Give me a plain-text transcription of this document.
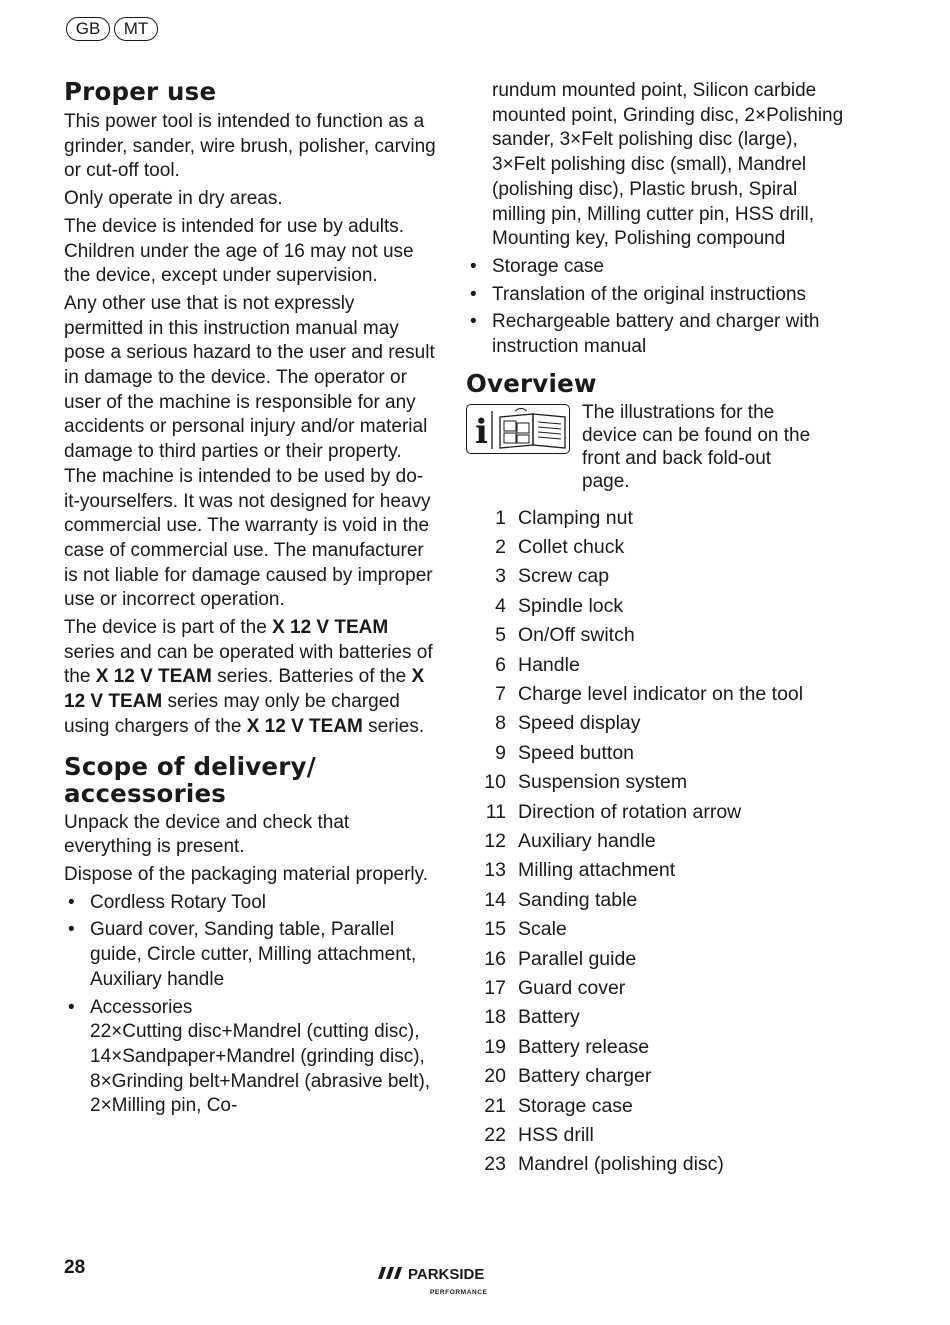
GB	MT
Proper use

This power tool is intended to function as a grinder, sander, wire brush, polisher, carving or cut-off tool.

Only operate in dry areas.

The device is intended for use by adults. Children under the age of 16 may not use the device, except under supervision.

Any other use that is not expressly permitted in this instruction manual may pose a serious hazard to the user and result in damage to the device. The operator or user of the machine is responsible for any accidents or personal injury and/or material damage to third parties or their property. The machine is intended to be used by do-it-yourselfers. It was not designed for heavy commercial use. The warranty is void in the case of commercial use. The manufacturer is not liable for damage caused by improper use or incorrect operation.

The device is part of the X 12 V TEAM series and can be operated with batteries of the X 12 V TEAM series. Batteries of the X 12 V TEAM series may only be charged using chargers of the X 12 V TEAM series.

Scope of delivery/
accessories

Unpack the device and check that everything is present.

Dispose of the packaging material properly.

• Cordless Rotary Tool
• Guard cover, Sanding table, Parallel guide, Circle cutter, Milling attachment, Auxiliary handle
• Accessories
22×Cutting disc+Mandrel (cutting disc), 14×Sandpaper+Mandrel (grinding disc), 8×Grinding belt+Mandrel (abrasive belt), 2×Milling pin, Co-

rundum mounted point, Silicon carbide mounted point, Grinding disc, 2×Polishing sander, 3×Felt polishing disc (large), 3×Felt polishing disc (small), Mandrel (polishing disc), Plastic brush, Spiral milling pin, Milling cutter pin, HSS drill, Mounting key, Polishing compound

• Storage case
• Translation of the original instructions
• Rechargeable battery and charger with instruction manual
Overview
i	The illustrations for the device can be found on the front and back fold-out page.
1 Clamping nut
2 Collet chuck
3 Screw cap
4 Spindle lock
5 On/Off switch
6 Handle
7 Charge level indicator on the tool
8 Speed display
9 Speed button
10 Suspension system
11 Direction of rotation arrow
12 Auxiliary handle
13 Milling attachment
14 Sanding table
15 Scale
16 Parallel guide
17 Guard cover
18 Battery
19 Battery release
20 Battery charger
21 Storage case
22 HSS drill
23 Mandrel (polishing disc)
28	PARKSIDE
PERFORMANCE
